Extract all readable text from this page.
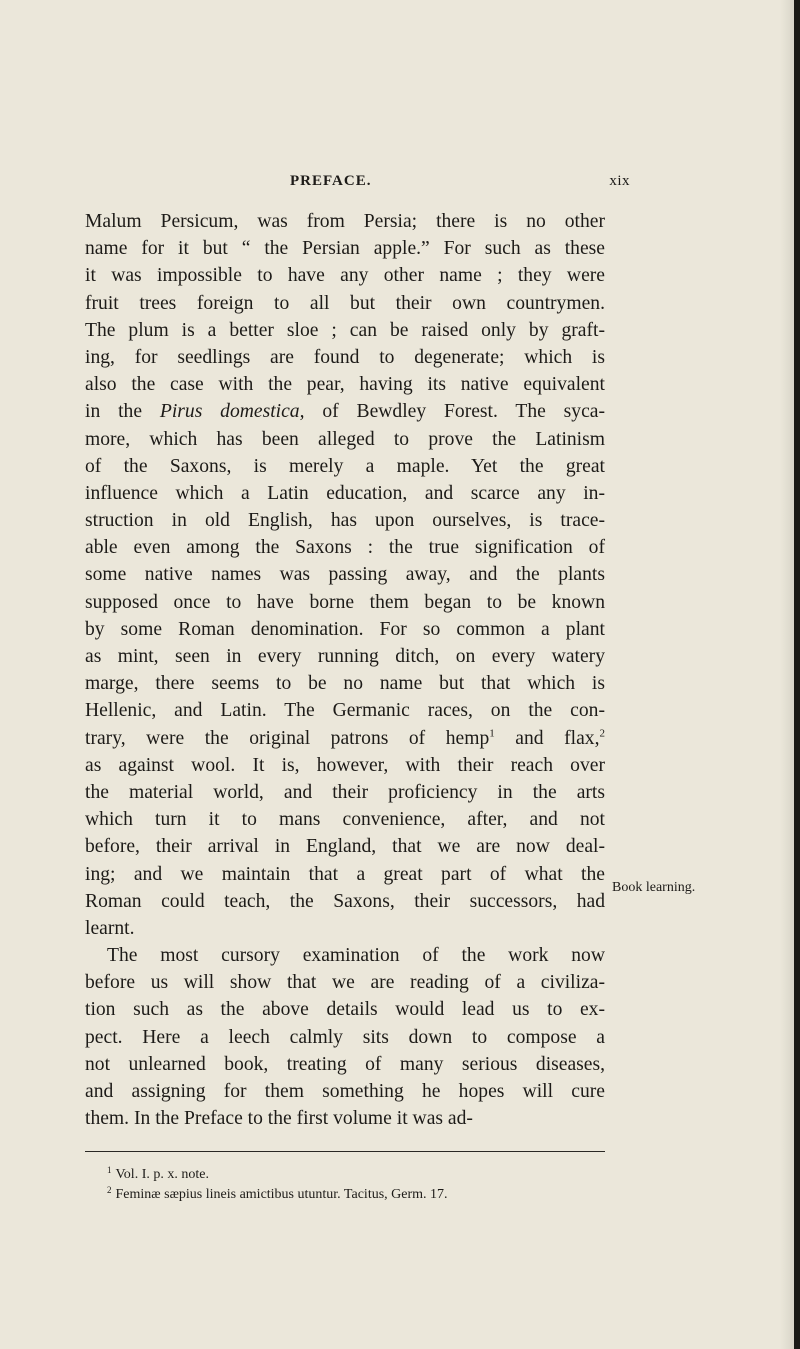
PREFACE.	xix
Malum Persicum, was from Persia; there is no other
name for it but “ the Persian apple.” For such as these
it was impossible to have any other name ; they were
fruit trees foreign to all but their own countrymen.
The plum is a better sloe ; can be raised only by graft-
ing, for seedlings are found to degenerate; which is
also the case with the pear, having its native equivalent
in the Pirus domestica, of Bewdley Forest. The syca-
more, which has been alleged to prove the Latinism
of the Saxons, is merely a maple. Yet the great
influence which a Latin education, and scarce any in-
struction in old English, has upon ourselves, is trace-
able even among the Saxons : the true signification of
some native names was passing away, and the plants
supposed once to have borne them began to be known
by some Roman denomination. For so common a plant
as mint, seen in every running ditch, on every watery
marge, there seems to be no name but that which is
Hellenic, and Latin. The Germanic races, on the con-
trary, were the original patrons of hemp$^1$ and flax,$^2$
as against wool. It is, however, with their reach over
the material world, and their proficiency in the arts
which turn it to mans convenience, after, and not
before, their arrival in England, that we are now deal-
ing; and we maintain that a great part of what the
Roman could teach, the Saxons, their successors, had
learnt.
The most cursory examination of the work now
before us will show that we are reading of a civiliza-
tion such as the above details would lead us to ex-
pect. Here a leech calmly sits down to compose a
not unlearned book, treating of many serious diseases,
and assigning for them something he hopes will cure
them. In the Preface to the first volume it was ad-
Book learning.
$^1$ Vol. I. p. x. note.
$^2$ Feminæ sæpius lineis amictibus utuntur. Tacitus, Germ. 17.
